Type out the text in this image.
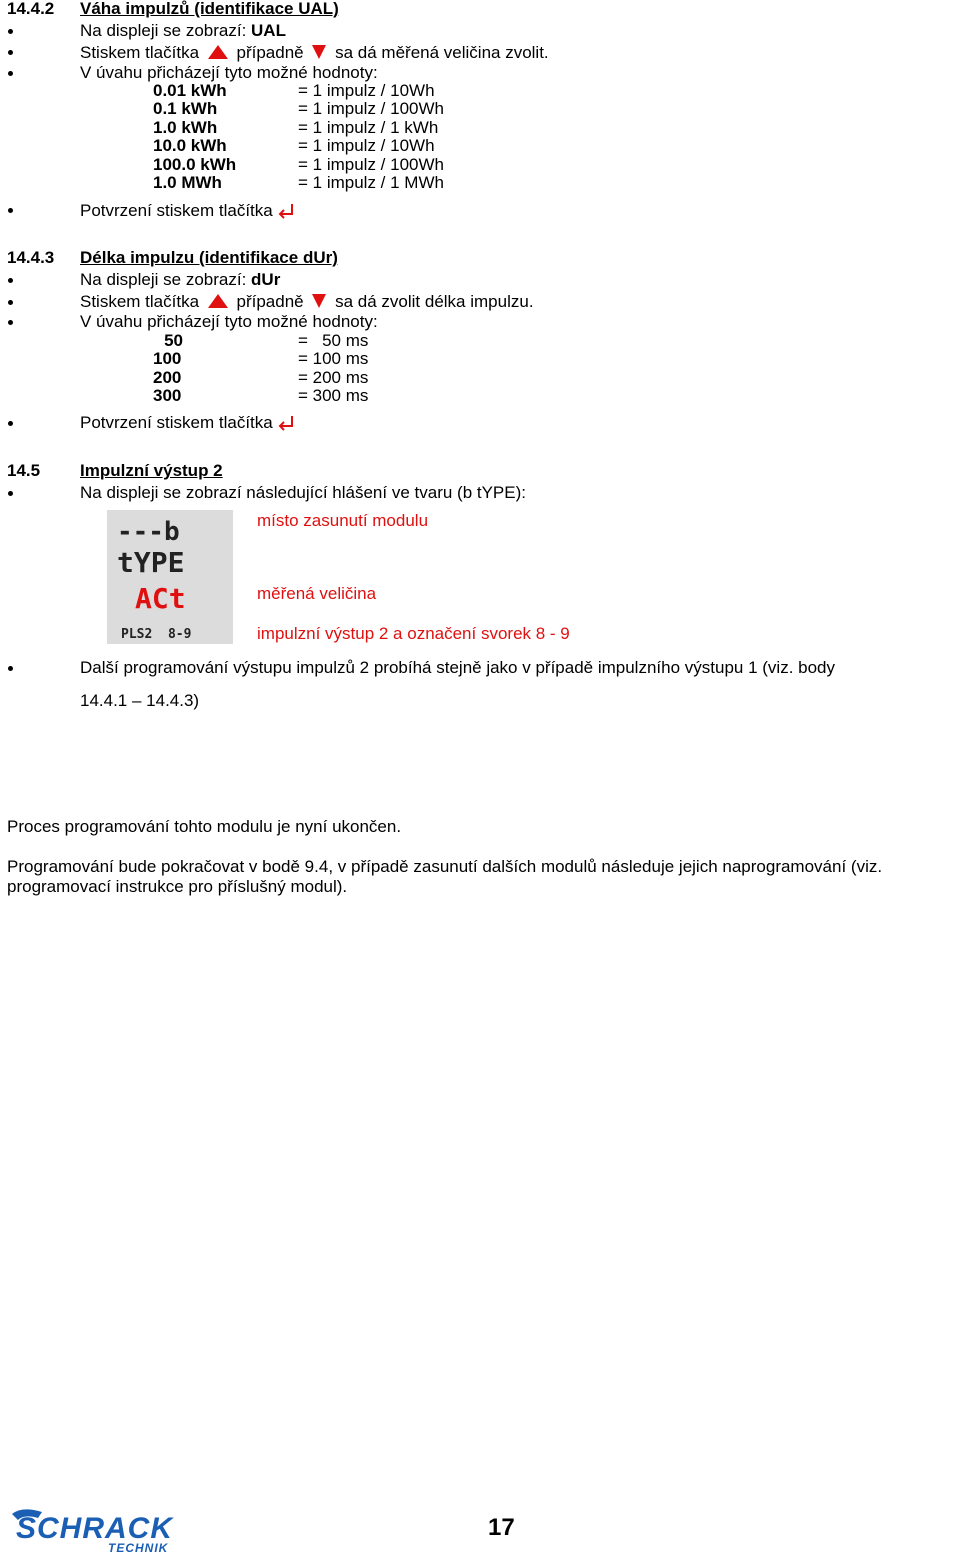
14.4.2 Váha impulzů (identifikace UAL)
Na displeji se zobrazí: UAL
Stiskem tlačítka případně sa dá měřená veličina zvolit.
V úvahu přicházejí tyto možné hodnoty:
0.01 kWh	= 1 impulz / 10Wh
0.1 kWh	= 1 impulz / 100Wh
1.0 kWh	= 1 impulz / 1 kWh
10.0 kWh	= 1 impulz / 10Wh
100.0 kWh	= 1 impulz / 100Wh
1.0 MWh	= 1 impulz / 1 MWh
Potvrzení stiskem tlačítka
14.4.3 Délka impulzu (identifikace dUr)
Na displeji se zobrazí: dUr
Stiskem tlačítka případně sa dá zvolit délka impulzu.
V úvahu přicházejí tyto možné hodnoty:
50	=   50 ms
100	= 100 ms
200	= 200 ms
300	= 300 ms
Potvrzení stiskem tlačítka
14.5 Impulzní výstup 2
Na displeji se zobrazí následující hlášení ve tvaru (b tYPE):
---b
tYPE
ACt
PLS2  8-9
místo zasunutí modulu
měřená veličina
impulzní výstup 2 a označení svorek 8 - 9
Další programování výstupu impulzů 2 probíhá stejně jako v případě impulzního výstupu 1 (viz. body
14.4.1 – 14.4.3)
Proces programování tohto modulu je nyní ukončen.
Programování bude pokračovat v bodě 9.4, v případě zasunutí dalších modulů následuje jejich naprogramování (viz.
programovací instrukce pro příslušný modul).
SCHRACK
TECHNIK
17
